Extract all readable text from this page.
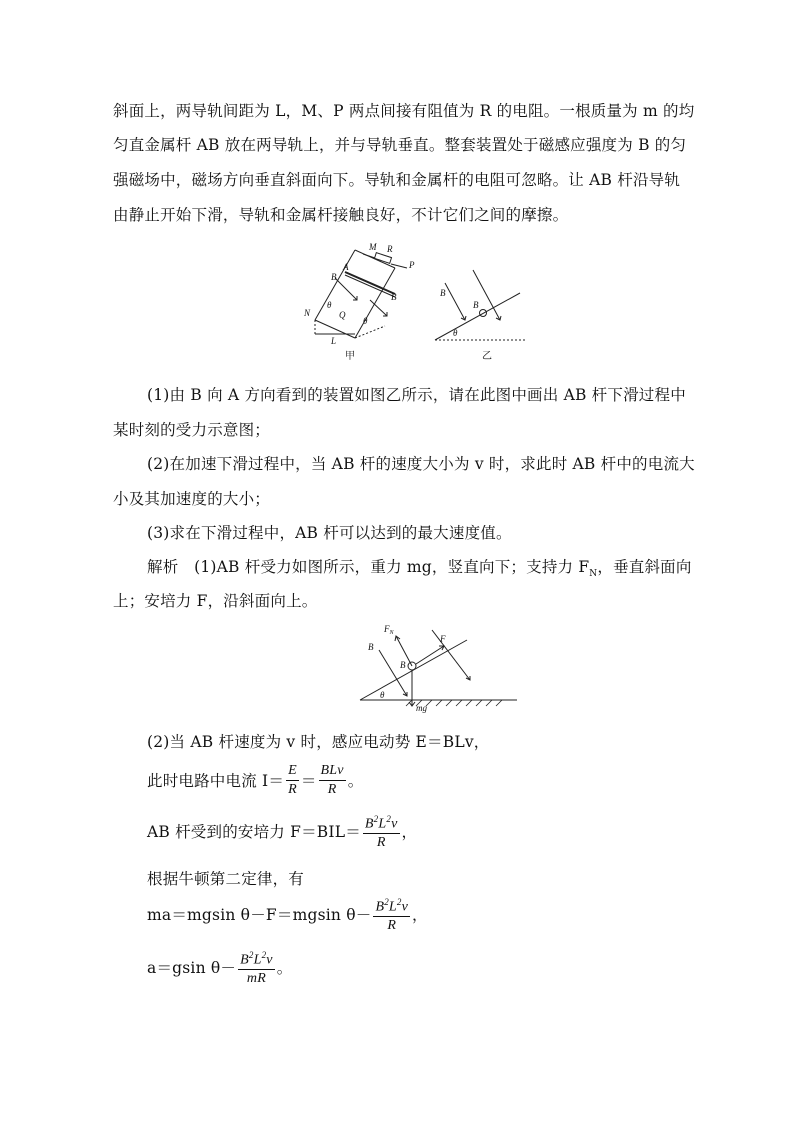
斜面上，两导轨间距为 L，M、P 两点间接有阻值为 R 的电阻。一根质量为 m 的均
匀直金属杆 AB 放在两导轨上，并与导轨垂直。整套装置处于磁感应强度为 B 的匀
强磁场中，磁场方向垂直斜面向下。导轨和金属杆的电阻可忽略。让 AB 杆沿导轨
由静止开始下滑，导轨和金属杆接触良好，不计它们之间的摩擦。
M R
P
A
B
B
N	Q
θ
θ
L
B
B
θ
甲	乙
(1)由 B 向 A 方向看到的装置如图乙所示，请在此图中画出 AB 杆下滑过程中
某时刻的受力示意图；
(2)在加速下滑过程中，当 AB 杆的速度大小为 v 时，求此时 AB 杆中的电流大
小及其加速度的大小；
(3)求在下滑过程中，AB 杆可以达到的最大速度值。
解析　(1)AB 杆受力如图所示，重力 mg，竖直向下；支持力 $F_N$，垂直斜面向
上；安培力 F，沿斜面向上。
$F_N$
F
B
B
mg
θ
(2)当 AB 杆速度为 v 时，感应电动势 E＝BLv，
此时电路中电流 $I= \frac{E}{R} = \frac{\text{BLv}}{R}$ 。
AB 杆受到的安培力 $F=BIL= \frac{B^2L^2v}{R}$ ，
根据牛顿第二定律，有
ma＝mgsin θ－F＝mgsin $\theta- \frac{B^2L^2v}{R}$ ，
a＝gsin $\theta- \frac{B^2L^2v}{mR}$ 。
